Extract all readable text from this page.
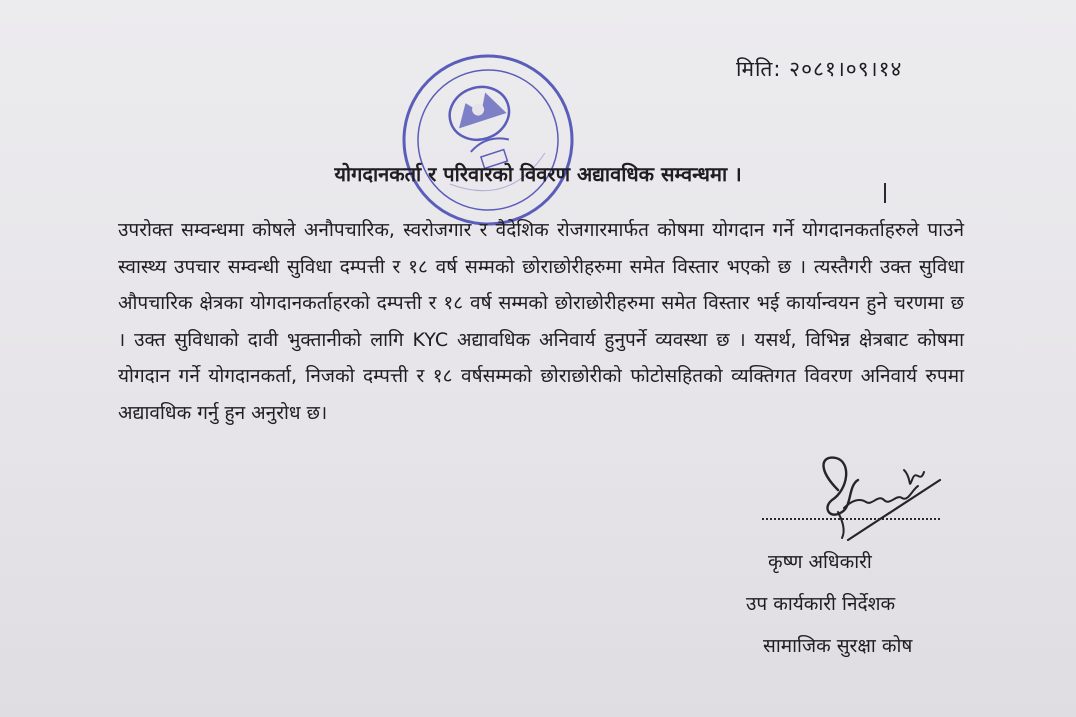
मिति: २०८१।०९।१४
योगदानकर्ता र परिवारको विवरण अद्यावधिक सम्वन्धमा ।

उपरोक्त सम्वन्धमा कोषले अनौपचारिक, स्वरोजगार र वैदेशिक रोजगारमार्फत कोषमा योगदान गर्ने योगदानकर्ताहरुले पाउने स्वास्थ्य उपचार सम्वन्धी सुविधा दम्पत्ती र १८ वर्ष सम्मको छोराछोरीहरुमा समेत विस्तार भएको छ । त्यस्तैगरी उक्त सुविधा औपचारिक क्षेत्रका योगदानकर्ताहरको दम्पत्ती र १८ वर्ष सम्मको छोराछोरीहरुमा समेत विस्तार भई कार्यान्वयन हुने चरणमा छ । उक्त सुविधाको दावी भुक्तानीको लागि KYC अद्यावधिक अनिवार्य हुनुपर्ने व्यवस्था छ । यसर्थ, विभिन्न क्षेत्रबाट कोषमा योगदान गर्ने योगदानकर्ता, निजको दम्पत्ती र १८ वर्षसम्मको छोराछोरीको फोटोसहितको व्यक्तिगत विवरण अनिवार्य रुपमा अद्यावधिक गर्नु हुन अनुरोध छ।

कृष्ण अधिकारी
उप कार्यकारी निर्देशक
सामाजिक सुरक्षा कोष
